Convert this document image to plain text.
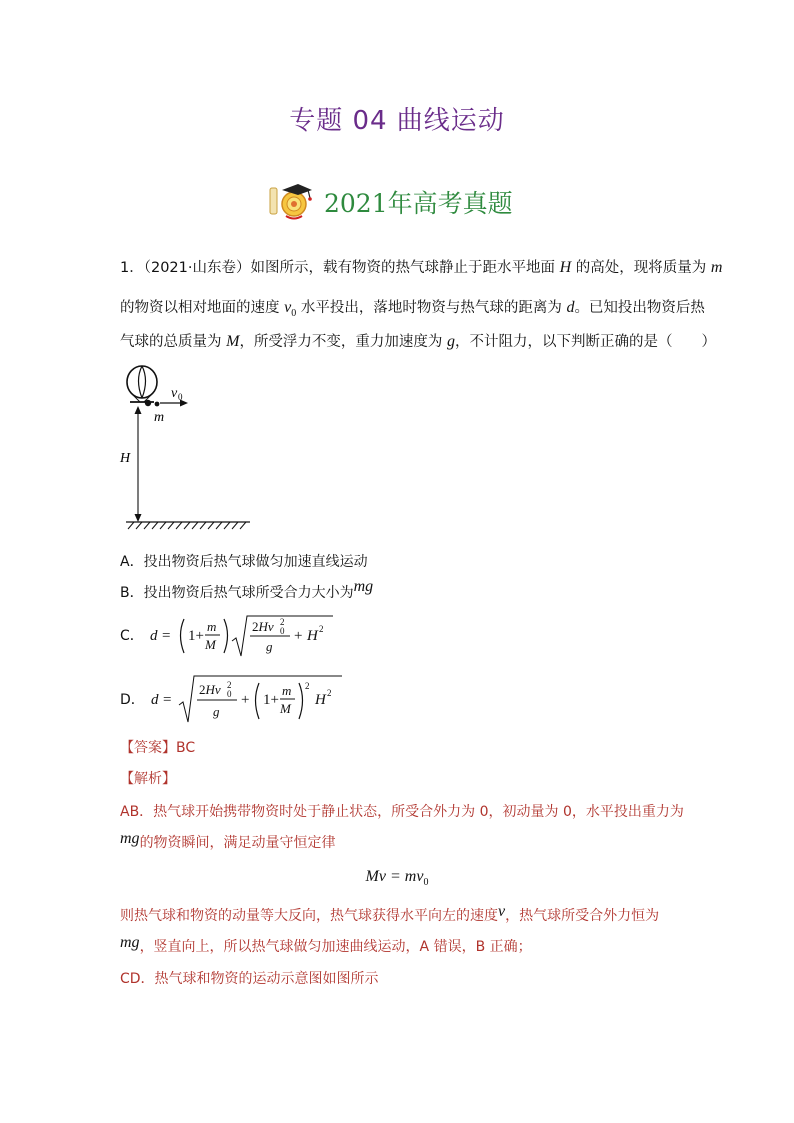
专题 04 曲线运动
2021年高考真题
1．（2021·山东卷）如图所示，载有物资的热气球静止于距水平地面 H 的高处，现将质量为 m
的物资以相对地面的速度 $v_0$ 水平投出，落地时物资与热气球的距离为 d。已知投出物资后热
气球的总质量为 M，所受浮力不变，重力加速度为 g，不计阻力，以下判断正确的是（　　）
v 0
m
H
A．投出物资后热气球做匀加速直线运动
B．投出物资后热气球所受合力大小为mg
C． d = 1+
m
M
2Hv 2
0
g
+ H 2
D． d =
2Hv 2
0
g
+ 1+
m
M
2
H 2
【答案】BC
【解析】
AB．热气球开始携带物资时处于静止状态，所受合外力为 0，初动量为 0，水平投出重力为
mg的物资瞬间，满足动量守恒定律
$Mv = mv_0$
则热气球和物资的动量等大反向，热气球获得水平向左的速度v，热气球所受合外力恒为
mg，竖直向上，所以热气球做匀加速曲线运动，A 错误，B 正确；
CD．热气球和物资的运动示意图如图所示
